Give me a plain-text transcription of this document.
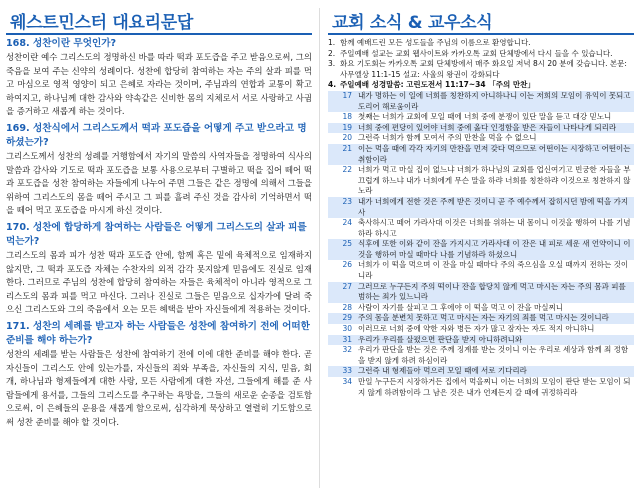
웨스트민스터 대요리문답
168. 성찬이란 무엇인가?
성찬이란 예수 그리스도의 정명하신 바를 따라 떡과 포도즙을 주고 받음으로써, 그의 죽음을 보여 주는 신약의 성례이다. 성찬에 합당히 참여하는 자는 주의 살과 피를 먹고 마심으로 영적 영양이 되고 은혜로 자라는 것이며, 주님과의 연합과 교통이 확고하여지고, 하나님께 대한 감사와 약속같은 신비한 몸의 지체로서 서로 사랑하고 사귐을 증거하고 새롭게 하는 것이다.
169. 성찬식에서 그리스도께서 떡과 포도즙을 어떻게 주고 받으라고 명하셨는가?
그리스도께서 성찬의 성례를 거행함에서 자기의 말씀의 사역자들을 정명하여 식사의 말씀과 감사와 기도로 떡과 포도즙을 보통 사용으로부터 구별하고 떡을 집어 떼어 떡과 포도즙을 성찬 참여하는 자들에게 나누어 주면 그들은 같은 정명에 의해서 그들을 위하여 그리스도의 몸을 떼어 주시고 그 피를 흘려 주신 것을 감사히 기억하면서 떡을 떼어 먹고 포도즙을 마시게 하신 것이다.
170. 성찬에 합당하게 참여하는 사람들은 어떻게 그리스도의 살과 피를 먹는가?
그리스도의 몸과 피가 성찬 떡과 포도즙 안에, 함께 혹은 밑에 육체적으로 임재하지 않지만, 그 떡과 포도즙 자체는 수찬자의 외적 감각 못지않게 믿음에도 진실로 임재한다. 그러므로 주님의 성찬에 합당히 참여하는 자들은 육체적이 아니라 영적으로 그리스도의 몸과 피를 먹고 마신다. 그러나 진실로 그들은 믿음으로 십자가에 달려 죽으신 그리스도와 그의 죽음에서 오는 모든 혜택을 받아 자신들에게 적용하는 것이다.
171. 성찬의 세례를 받고자 하는 사람들은 성찬에 참여하기 전에 어떠한 준비를 해야 하는가?
성찬의 세례를 받는 사람들은 성찬에 참여하기 전에 이에 대한 준비를 해야 한다. 곧 자신들이 그리스도 안에 있는가를, 자신들의 죄와 부족을, 자신들의 지식, 믿음, 회개, 하나님과 형제들에게 대한 사랑, 모든 사람에게 대한 자선, 그들에게 해를 준 사람들에게 용서를, 그들의 그리스도를 추구하는 욕망을, 그들의 새로운 순종을 검토함으로써, 이 은혜들의 운용을 새롭게 함으로써, 심각하게 묵상하고 열렬히 기도함으로써 성찬 준비를 해야 할 것이다.
교회 소식 & 교우소식
1. 함께 예배드린 모든 성도들을 주님의 이름으로 환영합니다.
2. 주일예배 설교는 교회 웹사이트와 카카오톡 교회 단체방에서 다시 들을 수 있습니다.
3. 화요 기도회는 카카오톡 교회 단체방에서 매주 화요일 저녁 8시 20 분에 갖습니다. 본문: 사무엘상 11:1-15 설교: 사울의 왕권이 강화되다
4. 주일예배 성경말씀: 고린도전서 11:17~34 「주의 만찬」
17 내가 명하는 이 일에 너희를 칭찬하지 아니하나니 이는 저희의 모임이 유익이 못되고 도리어 해로움이라
18 첫째는 너희가 교회에 모일 때에 너희 중에 분쟁이 있단 말을 듣고 대강 믿노니
19 너희 중에 편당이 있어야 너희 중에 옳다 인정함을 받은 자들이 나타나게 되리라
20 그런즉 너희가 함께 모여서 주의 만찬을 먹을 수 없으니
21 이는 먹을 때에 각각 자기의 만찬을 먼저 갖다 먹으므로 어떤이는 시장하고 어떤이는 취함이라
22 너희가 먹고 마실 집이 없느냐 너희가 하나님의 교회를 업신여기고 빈궁한 자들을 부끄럽게 하느냐 내가 너희에게 무슨 말을 하랴 너희를 칭찬하랴 이것으로 칭찬하지 않노라
23 내가 너희에게 전한 것은 주께 받은 것이니 곧 주 예수께서 잡히시던 밤에 떡을 가지사
24 축사하시고 떼어 가라사대 이것은 너희를 위하는 내 몸이니 이것을 행하여 나를 기념하라 하시고
25 식후에 또한 이와 같이 잔을 가지시고 가라사대 이 잔은 내 피로 세운 새 언약이니 이것을 행하여 마실 때마다 나를 기념하라 하셨으니
26 너희가 이 떡을 먹으며 이 잔을 마실 때마다 주의 죽으심을 오실 때까지 전하는 것이니라
27 그러므로 누구든지 주의 떡이나 잔을 합당치 않게 먹고 마시는 자는 주의 몸과 피를 범하는 죄가 있느니라
28 사람이 자기를 살피고 그 후에야 이 떡을 먹고 이 잔을 마실찌니
29 주의 몸을 분변치 못하고 먹고 마시는 자는 자기의 죄를 먹고 마시는 것이니라
30 이러므로 너희 중에 약한 자와 병든 자가 많고 잠자는 자도 적지 아니하니
31 우리가 우리를 살폈으면 판단을 받지 아니하려니와
32 우리가 판단을 받는 것은 주께 징계를 받는 것이니 이는 우리로 세상과 함께 죄 정함을 받지 않게 하려 하심이라
33 그런즉 내 형제들아 먹으러 모일 때에 서로 기다리라
34 만일 누구든지 시장하거든 집에서 먹을찌니 이는 너희의 모임이 판단 받는 모임이 되지 않게 하려함이라 그 남은 것은 내가 언제든지 갈 때에 귀정하리라
